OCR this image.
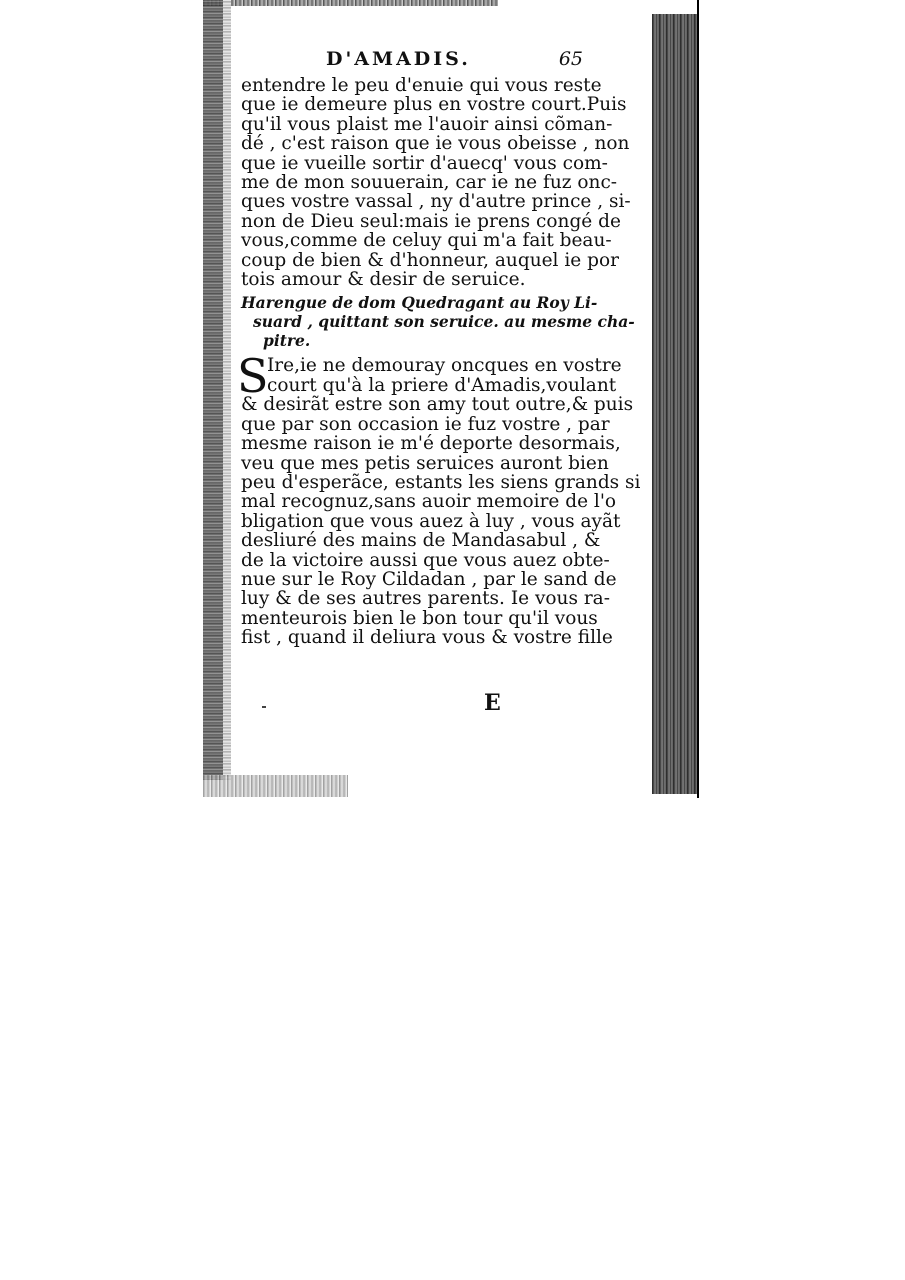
D'AMADIS.	65
entendre le peu d'enuie qui vous reste
que ie demeure plus en vostre court.Puis
qu'il vous plaist me l'auoir ainsi cõman-
dé , c'est raison que ie vous obeisse , non
que ie vueille sortir d'auecq' vous com-
me de mon souuerain, car ie ne fuz onc-
ques vostre vassal , ny d'autre prince , si-
non de Dieu seul:mais ie prens congé de
vous,comme de celuy qui m'a fait beau-
coup de bien & d'honneur, auquel ie por
tois amour & desir de seruice.
Harengue de dom Quedragant au Roy Li-
suard , quittant son seruice. au mesme cha-
pitre.
S
Ire,ie ne demouray oncques en vostre
court qu'à la priere d'Amadis,voulant
& desirãt estre son amy tout outre,& puis
que par son occasion ie fuz vostre , par
mesme raison ie m'é deporte desormais,
veu que mes petis seruices auront bien
peu d'esperãce, estants les siens grands si
mal recognuz,sans auoir memoire de l'o
bligation que vous auez à luy , vous ayãt
desliuré des mains de Mandasabul , &
de la victoire aussi que vous auez obte-
nue sur le Roy Cildadan , par le sand de
luy & de ses autres parents. Ie vous ra-
menteurois bien le bon tour qu'il vous
fist , quand il deliura vous & vostre fille
E
